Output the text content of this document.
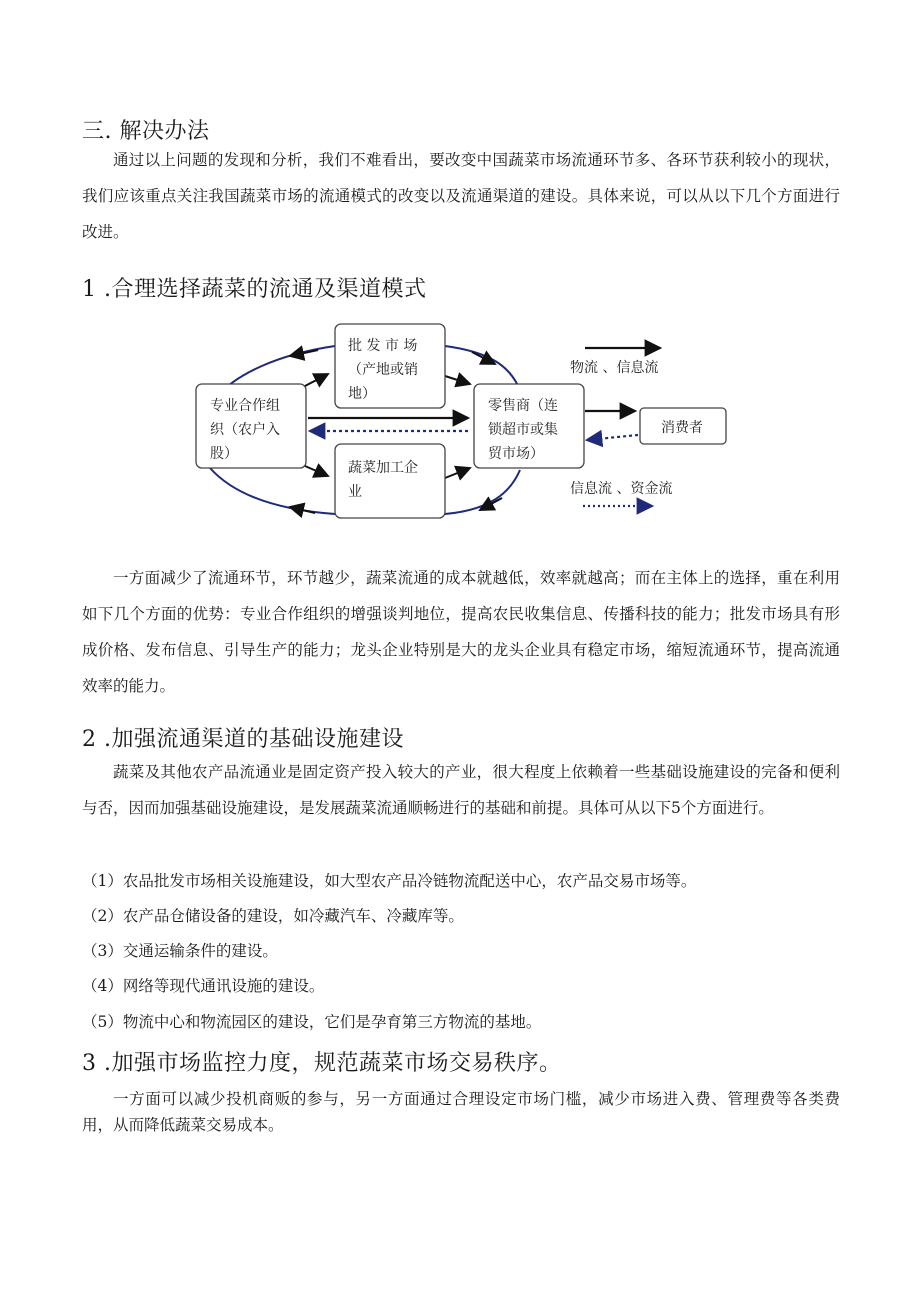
三. 解决办法

通过以上问题的发现和分析，我们不难看出，要改变中国蔬菜市场流通环节多、各环节获利较小的现状，我们应该重点关注我国蔬菜市场的流通模式的改变以及流通渠道的建设。具体来说，可以从以下几个方面进行改进。

1 .合理选择蔬菜的流通及渠道模式
批 发 市 场
（产地或销
地）
专业合作组
织（农户入
股）
蔬菜加工企
业
零售商（连
锁超市或集
贸市场）
消费者
物流 、信息流
信息流 、资金流

一方面减少了流通环节，环节越少，蔬菜流通的成本就越低，效率就越高；而在主体上的选择，重在利用如下几个方面的优势：专业合作组织的增强谈判地位，提高农民收集信息、传播科技的能力；批发市场具有形成价格、发布信息、引导生产的能力；龙头企业特别是大的龙头企业具有稳定市场，缩短流通环节，提高流通效率的能力。

2 .加强流通渠道的基础设施建设

蔬菜及其他农产品流通业是固定资产投入较大的产业，很大程度上依赖着一些基础设施建设的完备和便利与否，因而加强基础设施建设，是发展蔬菜流通顺畅进行的基础和前提。具体可从以下5个方面进行。

（1）农品批发市场相关设施建设，如大型农产品冷链物流配送中心，农产品交易市场等。
（2）农产品仓储设备的建设，如冷藏汽车、冷藏库等。
（3）交通运输条件的建设。
（4）网络等现代通讯设施的建设。
（5）物流中心和物流园区的建设，它们是孕育第三方物流的基地。
3 .加强市场监控力度，规范蔬菜市场交易秩序。

一方面可以减少投机商贩的参与，另一方面通过合理设定市场门槛，减少市场进入费、管理费等各类费用，从而降低蔬菜交易成本。
